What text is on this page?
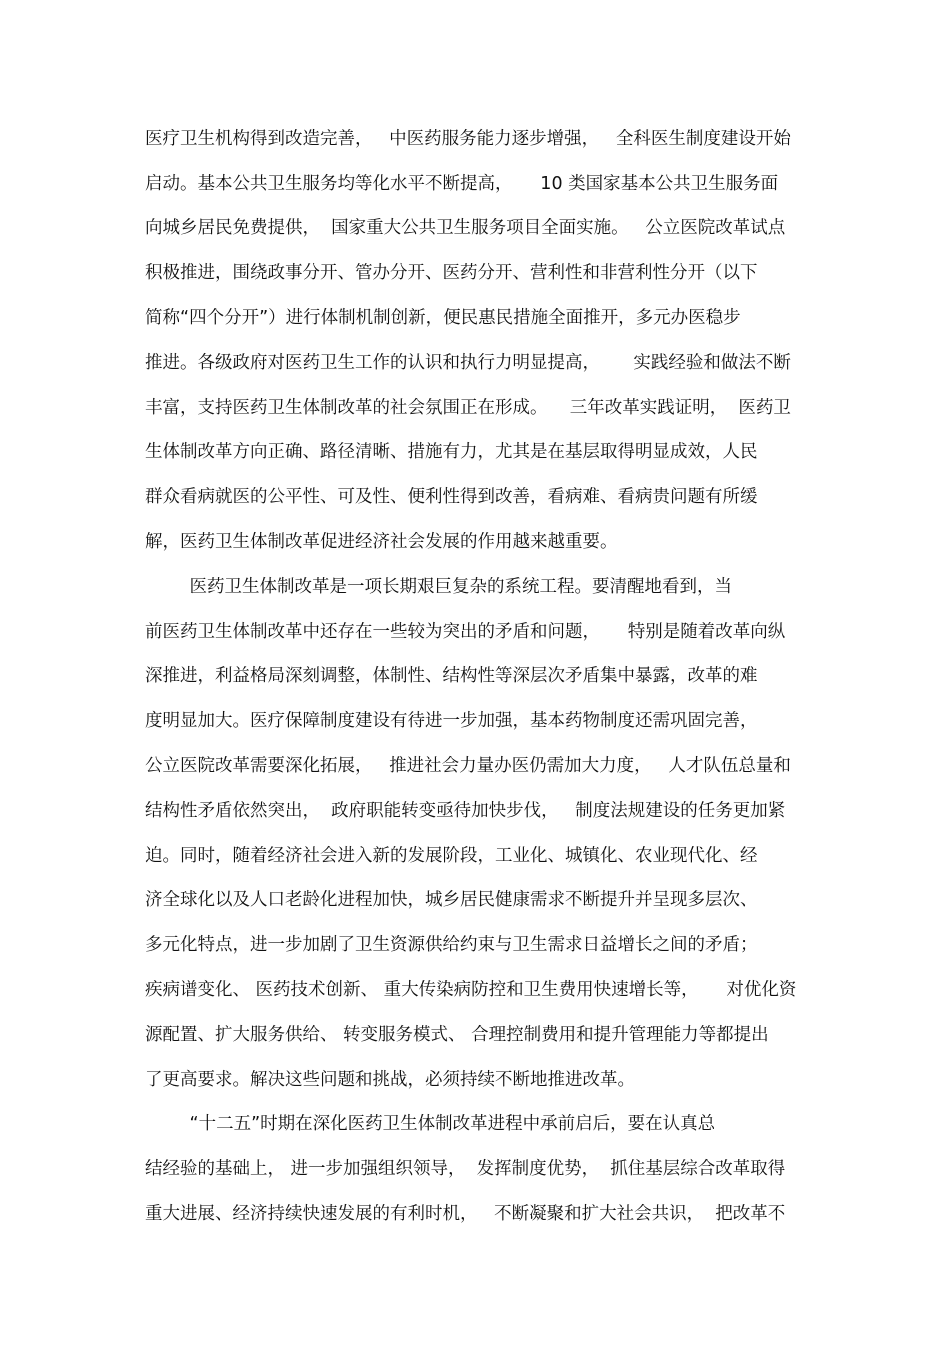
医疗卫生机构得到改造完善，   中医药服务能力逐步增强，   全科医生制度建设开始

启动。基本公共卫生服务均等化水平不断提高，     10 类国家基本公共卫生服务面

向城乡居民免费提供，  国家重大公共卫生服务项目全面实施。   公立医院改革试点

积极推进，围绕政事分开、管办分开、医药分开、营利性和非营利性分开（以下

简称“四个分开”）进行体制机制创新，便民惠民措施全面推开，多元办医稳步

推进。各级政府对医药卫生工作的认识和执行力明显提高，      实践经验和做法不断

丰富，支持医药卫生体制改革的社会氛围正在形成。    三年改革实践证明，  医药卫

生体制改革方向正确、路径清晰、措施有力，尤其是在基层取得明显成效，人民

群众看病就医的公平性、可及性、便利性得到改善，看病难、看病贵问题有所缓

解，医药卫生体制改革促进经济社会发展的作用越来越重要。

医药卫生体制改革是一项长期艰巨复杂的系统工程。要清醒地看到，当

前医药卫生体制改革中还存在一些较为突出的矛盾和问题，     特别是随着改革向纵

深推进，利益格局深刻调整，体制性、结构性等深层次矛盾集中暴露，改革的难

度明显加大。医疗保障制度建设有待进一步加强，基本药物制度还需巩固完善，

公立医院改革需要深化拓展，   推进社会力量办医仍需加大力度，   人才队伍总量和

结构性矛盾依然突出，  政府职能转变亟待加快步伐，   制度法规建设的任务更加紧

迫。同时，随着经济社会进入新的发展阶段，工业化、城镇化、农业现代化、经

济全球化以及人口老龄化进程加快，城乡居民健康需求不断提升并呈现多层次、

多元化特点，进一步加剧了卫生资源供给约束与卫生需求日益增长之间的矛盾；

疾病谱变化、 医药技术创新、 重大传染病防控和卫生费用快速增长等，     对优化资

源配置、扩大服务供给、 转变服务模式、 合理控制费用和提升管理能力等都提出

了更高要求。解决这些问题和挑战，必须持续不断地推进改革。

“十二五”时期在深化医药卫生体制改革进程中承前启后，要在认真总

结经验的基础上， 进一步加强组织领导，  发挥制度优势，  抓住基层综合改革取得

重大进展、经济持续快速发展的有利时机，   不断凝聚和扩大社会共识，  把改革不
